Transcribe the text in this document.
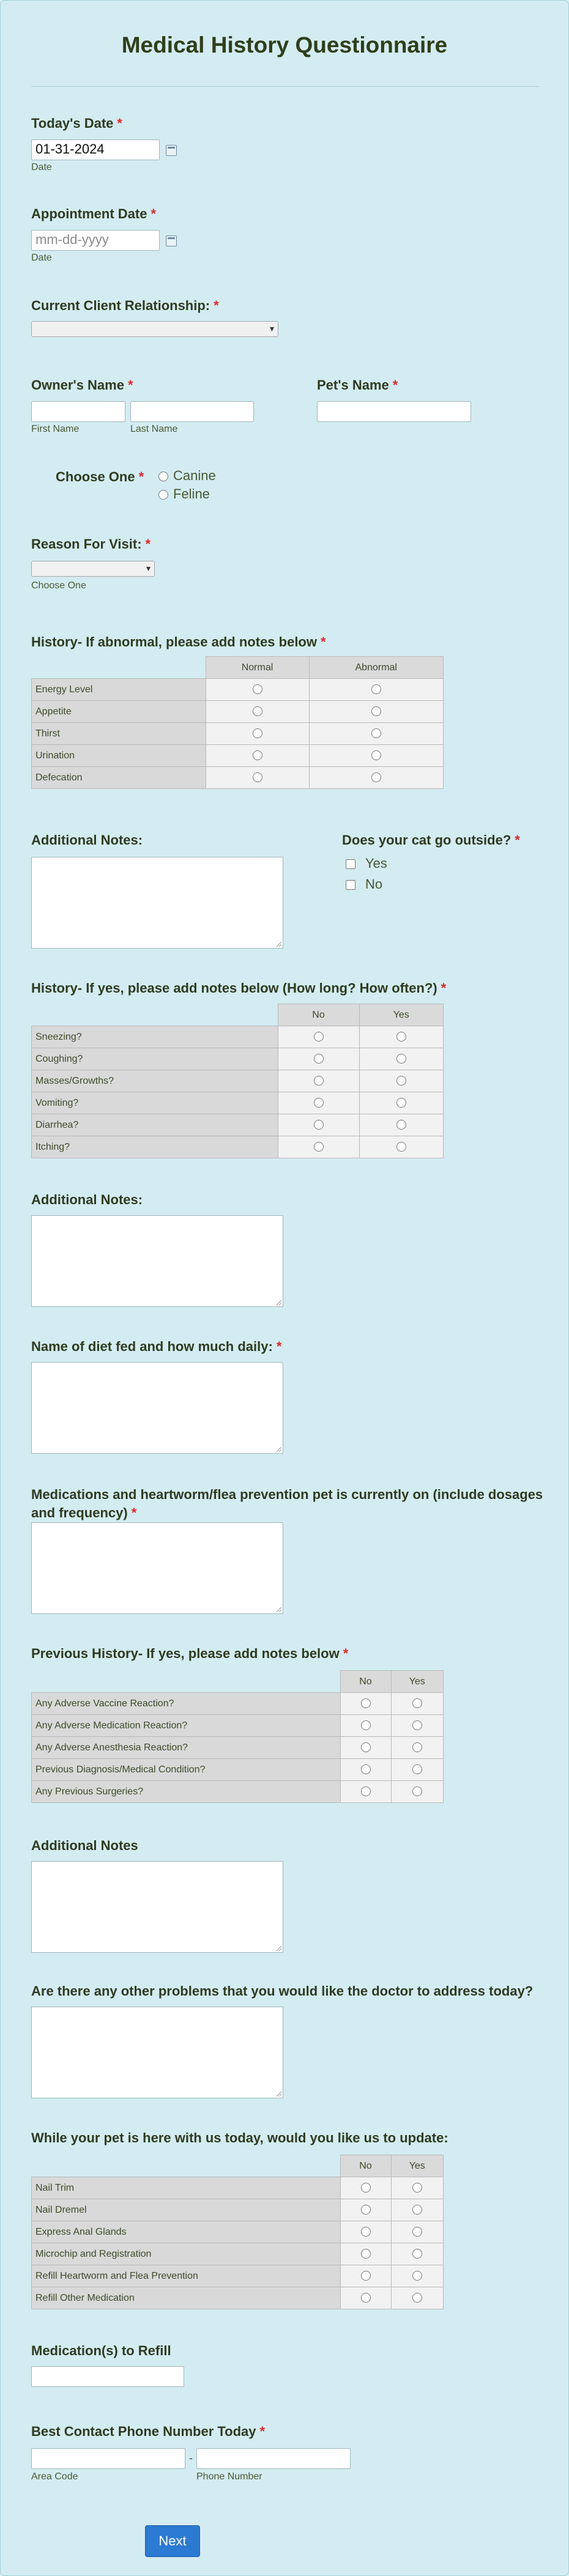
Medical History Questionnaire
Today's Date *
01-31-2024
Date
Appointment Date *
mm-dd-yyyy
Date
Current Client Relationship: *
▾
Owner's Name *
First Name	Last Name
Pet's Name *
Choose One * Canine
Feline
Reason For Visit: *
▾
Choose One
History- If abnormal, please add notes below *
	Normal	Abnormal
Energy Level		
Appetite		
Thirst		
Urination		
Defecation		
Additional Notes:	Does your cat go outside? *
Yes
No
History- If yes, please add notes below (How long? How often?) *
	No	Yes
Sneezing?		
Coughing?		
Masses/Growths?		
Vomiting?		
Diarrhea?		
Itching?		
Additional Notes:
Name of diet fed and how much daily: *
Medications and heartworm/flea prevention pet is currently on (include dosages
and frequency) *
Previous History- If yes, please add notes below *
	No	Yes
Any Adverse Vaccine Reaction?		
Any Adverse Medication Reaction?		
Any Adverse Anesthesia Reaction?		
Previous Diagnosis/Medical Condition?		
Any Previous Surgeries?		
Additional Notes
Are there any other problems that you would like the doctor to address today?
While your pet is here with us today, would you like us to update:
	No	Yes
Nail Trim		
Nail Dremel		
Express Anal Glands		
Microchip and Registration		
Refill Heartworm and Flea Prevention		
Refill Other Medication		
Medication(s) to Refill
Best Contact Phone Number Today *
-
Area Code	Phone Number
Next
